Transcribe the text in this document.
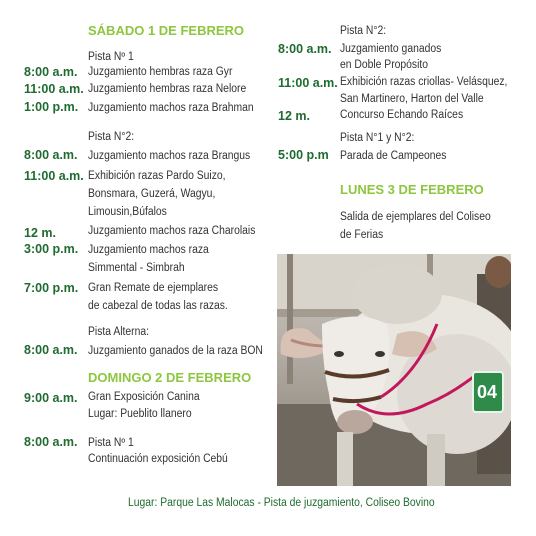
SÁBADO 1 DE FEBRERO
Pista Nº 1
8:00 a.m. Juzgamiento hembras raza Gyr
11:00 a.m. Juzgamiento hembras raza Nelore
1:00 p.m. Juzgamiento machos raza Brahman
Pista N°2:
8:00 a.m. Juzgamiento machos raza Brangus
11:00 a.m. Exhibición razas Pardo Suizo,
Bonsmara, Guzerá, Wagyu,
Limousin,Búfalos
12 m.	Juzgamiento machos raza Charolais
3:00 p.m. Juzgamiento machos raza
Simmental - Simbrah
7:00 p.m. Gran Remate de ejemplares
de cabezal de todas las razas.
Pista Alterna:
8:00 a.m. Juzgamiento ganados de la raza BON
DOMINGO 2 DE FEBRERO
9:00 a.m. Gran Exposición Canina
Lugar: Pueblito llanero
8:00 a.m. Pista Nº 1
Continuación exposición Cebú
Pista N°2:
8:00 a.m. Juzgamiento ganados
en Doble Propósito
11:00 a.m. Exhibición razas criollas- Velásquez,
San Martinero, Harton del Valle
12 m.	Concurso Echando Raíces
Pista N°1 y N°2:
5:00 p.m Parada de Campeones
LUNES 3 DE FEBRERO
Salida de ejemplares del Coliseo
de Ferias
04
Lugar: Parque Las Malocas - Pista de juzgamiento, Coliseo Bovino
